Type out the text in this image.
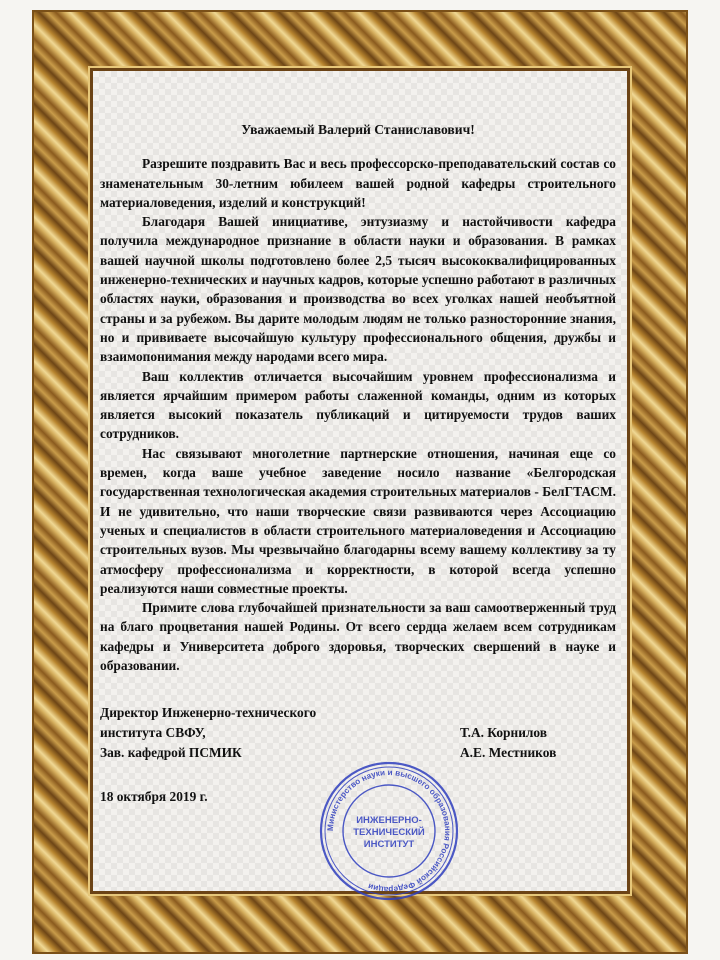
Уважаемый Валерий Станиславович!

Разрешите поздравить Вас и весь профессорско-преподавательский состав со знаменательным 30-летним юбилеем вашей родной кафедры строительного материаловедения, изделий и конструкций!

Благодаря Вашей инициативе, энтузиазму и настойчивости кафедра получила международное признание в области науки и образования. В рамках вашей научной школы подготовлено более 2,5 тысяч высококвалифицированных инженерно-технических и научных кадров, которые успешно работают в различных областях науки, образования и производства во всех уголках нашей необъятной страны и за рубежом. Вы дарите молодым людям не только разносторонние знания, но и прививаете высочайшую культуру профессионального общения, дружбы и взаимопонимания между народами всего мира.

Ваш коллектив отличается высочайшим уровнем профессионализма и является ярчайшим примером работы слаженной команды, одним из которых является высокий показатель публикаций и цитируемости трудов ваших сотрудников.

Нас связывают многолетние партнерские отношения, начиная еще со времен, когда ваше учебное заведение носило название «Белгородская государственная технологическая академия строительных материалов - БелГТАСМ. И не удивительно, что наши творческие связи развиваются через Ассоциацию ученых и специалистов в области строительного материаловедения и Ассоциацию строительных вузов. Мы чрезвычайно благодарны всему вашему коллективу за ту атмосферу профессионализма и корректности, в которой всегда успешно реализуются наши совместные проекты.

Примите слова глубочайшей признательности за ваш самоотверженный труд на благо процветания нашей Родины. От всего сердца желаем всем сотрудникам кафедры и Университета доброго здоровья, творческих свершений в науке и образовании.

Директор Инженерно-технического
института СВФУ,	Т.А. Корнилов
Зав. кафедрой ПСМИК	А.Е. Местников
18 октября 2019 г.
Министерство науки и высшего образования Российской Федерации
ИНЖЕНЕРНО-
ТЕХНИЧЕСКИЙ
ИНСТИТУТ
